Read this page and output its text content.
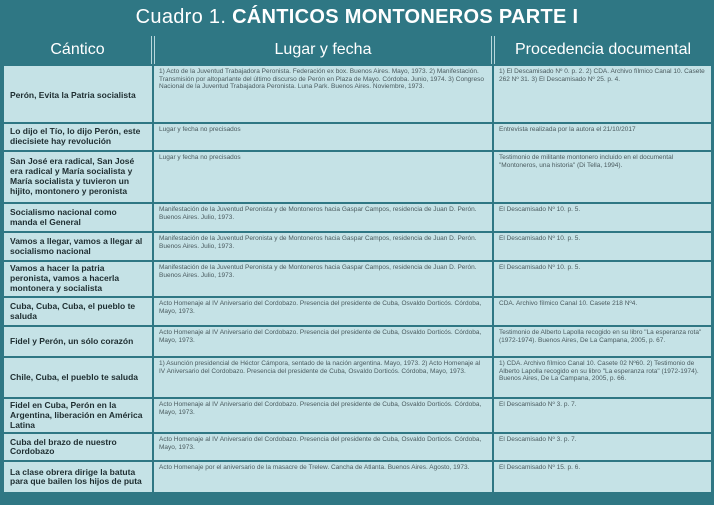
Cuadro 1. CÁNTICOS MONTONEROS PARTE I
Cántico	Lugar y fecha	Procedencia documental
Perón, Evita la Patria socialista	1) Acto de la Juventud Trabajadora Peronista. Federación ex box. Buenos Aires. Mayo, 1973. 2) Manifestación. Transmisión por altoparlante del último discurso de Perón en Plaza de Mayo. Córdoba. Junio, 1974. 3) Congreso Nacional de la Juventud Trabajadora Peronista. Luna Park. Buenos Aires. Noviembre, 1973.	1) El Descamisado Nº 0. p. 2. 2) CDA. Archivo fílmico Canal 10. Casete 262 Nº 31. 3) El Descamisado Nº 25. p. 4.
Lo dijo el Tío, lo dijo Perón, este diecisiete hay revolución	Lugar y fecha no precisados	Entrevista realizada por la autora el 21/10/2017
San José era radical, San José era radical y María socialista y María socialista y tuvieron un hijito, montonero y peronista	Lugar y fecha no precisados	Testimonio de militante montonero incluido en el documental "Montoneros, una historia" (Di Tella, 1994).
Socialismo nacional como manda el General	Manifestación de la Juventud Peronista y de Montoneros hacia Gaspar Campos, residencia de Juan D. Perón. Buenos Aires. Julio, 1973.	El Descamisado Nº 10. p. 5.
Vamos a llegar, vamos a llegar al socialismo nacional	Manifestación de la Juventud Peronista y de Montoneros hacia Gaspar Campos, residencia de Juan D. Perón. Buenos Aires. Julio, 1973.	El Descamisado Nº 10. p. 5.
Vamos a hacer la patria peronista, vamos a hacerla montonera y socialista	Manifestación de la Juventud Peronista y de Montoneros hacia Gaspar Campos, residencia de Juan D. Perón. Buenos Aires. Julio, 1973.	El Descamisado Nº 10. p. 5.
Cuba, Cuba, Cuba, el pueblo te saluda	Acto Homenaje al IV Aniversario del Cordobazo. Presencia del presidente de Cuba, Osvaldo Dorticós. Córdoba, Mayo, 1973.	CDA. Archivo fílmico Canal 10. Casete 218 Nº4.
Fidel y Perón, un sólo corazón	Acto Homenaje al IV Aniversario del Cordobazo. Presencia del presidente de Cuba, Osvaldo Dorticós. Córdoba, Mayo, 1973.	Testimonio de Alberto Lapolla recogido en su libro "La esperanza rota" (1972-1974). Buenos Aires, De La Campana, 2005, p. 67.
Chile, Cuba, el pueblo te saluda	1) Asunción presidencial de Héctor Cámpora, sentado de la nación argentina. Mayo, 1973. 2) Acto Homenaje al IV Aniversario del Cordobazo. Presencia del presidente de Cuba, Osvaldo Dorticós. Córdoba, Mayo, 1973.	1) CDA. Archivo fílmico Canal 10. Casete 02 Nº60. 2) Testimonio de Alberto Lapolla recogido en su libro "La esperanza rota" (1972-1974). Buenos Aires, De La Campana, 2005, p. 66.
Fidel en Cuba, Perón en la Argentina, liberación en América Latina	Acto Homenaje al IV Aniversario del Cordobazo. Presencia del presidente de Cuba, Osvaldo Dorticós. Córdoba, Mayo, 1973.	El Descamisado Nº 3. p. 7.
Cuba del brazo de nuestro Cordobazo	Acto Homenaje al IV Aniversario del Cordobazo. Presencia del presidente de Cuba, Osvaldo Dorticós. Córdoba, Mayo, 1973.	El Descamisado Nº 3. p. 7.
La clase obrera dirige la batuta para que bailen los hijos de puta	Acto Homenaje por el aniversario de la masacre de Trelew. Cancha de Atlanta. Buenos Aires. Agosto, 1973.	El Descamisado Nº 15. p. 6.
